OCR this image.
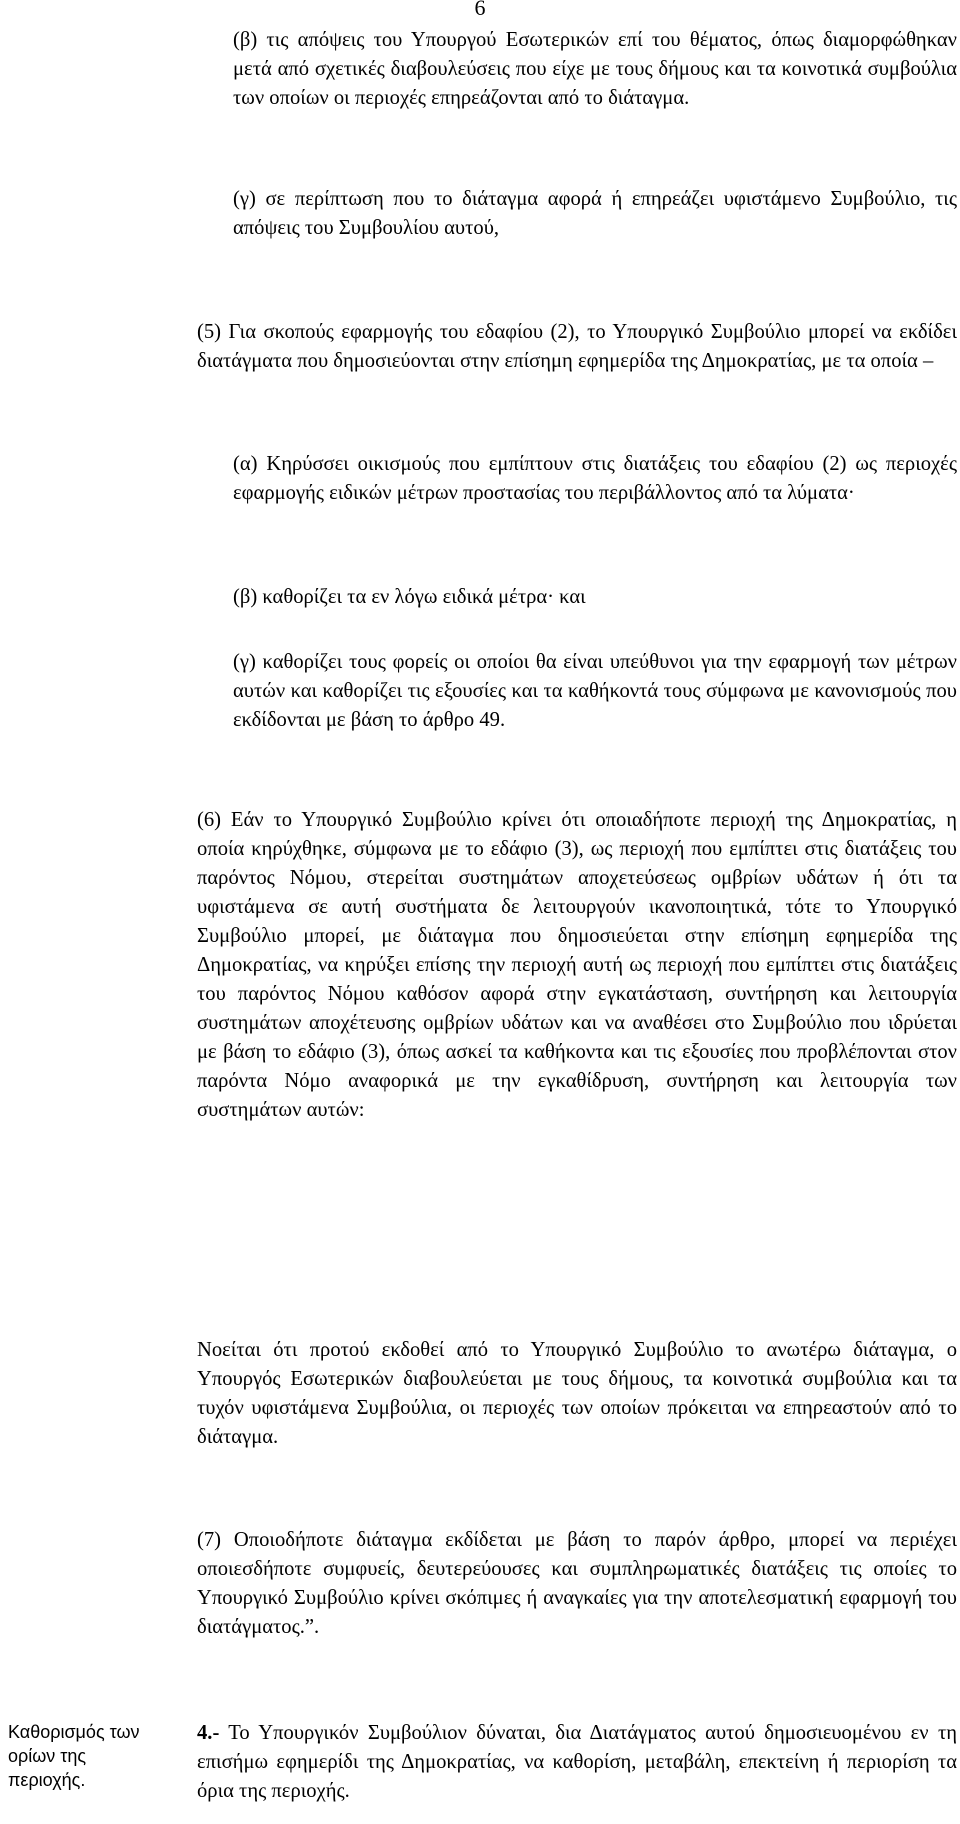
6

(β) τις απόψεις του Υπουργού Εσωτερικών επί του θέματος, όπως διαμορφώθηκαν μετά από σχετικές διαβουλεύσεις που είχε με τους δήμους και τα κοινοτικά συμβούλια των οποίων οι περιοχές επηρεάζονται από το διάταγμα.

(γ) σε περίπτωση που το διάταγμα αφορά ή επηρεάζει υφιστάμενο Συμβούλιο, τις απόψεις του Συμβουλίου αυτού,

(5) Για σκοπούς εφαρμογής του εδαφίου (2), το Υπουργικό Συμβούλιο μπορεί να εκδίδει διατάγματα που δημοσιεύονται στην επίσημη εφημερίδα της Δημοκρατίας, με τα οποία –

(α) Κηρύσσει οικισμούς που εμπίπτουν στις διατάξεις του εδαφίου (2) ως περιοχές εφαρμογής ειδικών μέτρων προστασίας του περιβάλλοντος από τα λύματα·

(β) καθορίζει τα εν λόγω ειδικά μέτρα· και

(γ) καθορίζει τους φορείς οι οποίοι θα είναι υπεύθυνοι για την εφαρμογή των μέτρων αυτών και καθορίζει τις εξουσίες και τα καθήκοντά τους σύμφωνα με κανονισμούς που εκδίδονται με βάση το άρθρο 49.

(6) Εάν το Υπουργικό Συμβούλιο κρίνει ότι οποιαδήποτε περιοχή της Δημοκρατίας, η οποία κηρύχθηκε, σύμφωνα με το εδάφιο (3), ως περιοχή που εμπίπτει στις διατάξεις του παρόντος Νόμου, στερείται συστημάτων αποχετεύσεως ομβρίων υδάτων ή ότι τα υφιστάμενα σε αυτή συστήματα δε λειτουργούν ικανοποιητικά, τότε το Υπουργικό Συμβούλιο μπορεί, με διάταγμα που δημοσιεύεται στην επίσημη εφημερίδα της Δημοκρατίας, να κηρύξει επίσης την περιοχή αυτή ως περιοχή που εμπίπτει στις διατάξεις του παρόντος Νόμου καθόσον αφορά στην εγκατάσταση, συντήρηση και λειτουργία συστημάτων αποχέτευσης ομβρίων υδάτων και να αναθέσει στο Συμβούλιο που ιδρύεται με βάση το εδάφιο (3), όπως ασκεί τα καθήκοντα και τις εξουσίες που προβλέπονται στον παρόντα Νόμο αναφορικά με την εγκαθίδρυση, συντήρηση και λειτουργία των συστημάτων αυτών:

Νοείται ότι προτού εκδοθεί από το Υπουργικό Συμβούλιο το ανωτέρω διάταγμα, ο Υπουργός Εσωτερικών διαβουλεύεται με τους δήμους, τα κοινοτικά συμβούλια και τα τυχόν υφιστάμενα Συμβούλια, οι περιοχές των οποίων πρόκειται να επηρεαστούν από το διάταγμα.

(7) Οποιοδήποτε διάταγμα εκδίδεται με βάση το παρόν άρθρο, μπορεί να περιέχει οποιεσδήποτε συμφυείς, δευτερεύουσες και συμπληρωματικές διατάξεις τις οποίες το Υπουργικό Συμβούλιο κρίνει σκόπιμες ή αναγκαίες για την αποτελεσματική εφαρμογή του διατάγματος.”.

4.- Το Υπουργικόν Συμβούλιον δύναται, δια Διατάγματος αυτού δημοσιευομένου εν τη επισήμω εφημερίδι της Δημοκρατίας, να καθορίση, μεταβάλη, επεκτείνη ή περιορίση τα όρια της περιοχής.

Καθορισμός των ορίων της περιοχής.
